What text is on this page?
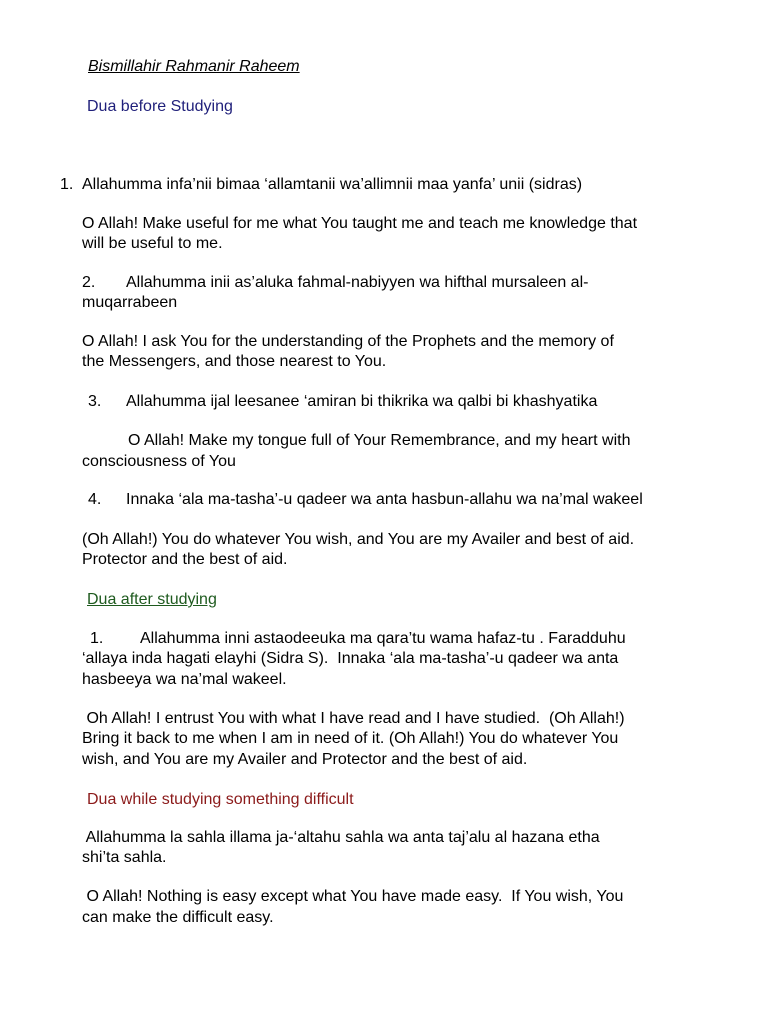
Bismillahir Rahmanir Raheem
Dua before Studying
1. Allahumma infa’nii bimaa ‘allamtanii wa’allimnii maa yanfa’ unii (sidras)
O Allah! Make useful for me what You taught me and teach me knowledge that
will be useful to me.
2. Allahumma inii as’aluka fahmal-nabiyyen wa hifthal mursaleen al-
muqarrabeen
O Allah! I ask You for the understanding of the Prophets and the memory of
the Messengers, and those nearest to You.
3. Allahumma ijal leesanee ‘amiran bi thikrika wa qalbi bi khashyatika
O Allah! Make my tongue full of Your Remembrance, and my heart with
consciousness of You
4. Innaka ‘ala ma-tasha’-u qadeer wa anta hasbun-allahu wa na’mal wakeel
(Oh Allah!) You do whatever You wish, and You are my Availer and best of aid.
Protector and the best of aid.
Dua after studying
1. Allahumma inni astaodeeuka ma qara’tu wama hafaz-tu . Faradduhu
‘allaya inda hagati elayhi (Sidra S).  Innaka ‘ala ma-tasha’-u qadeer wa anta
hasbeeya wa na’mal wakeel.
Oh Allah! I entrust You with what I have read and I have studied.  (Oh Allah!)
Bring it back to me when I am in need of it. (Oh Allah!) You do whatever You
wish, and You are my Availer and Protector and the best of aid.
Dua while studying something difficult
Allahumma la sahla illama ja-‘altahu sahla wa anta taj’alu al hazana etha
shi’ta sahla.
O Allah! Nothing is easy except what You have made easy.  If You wish, You
can make the difficult easy.
